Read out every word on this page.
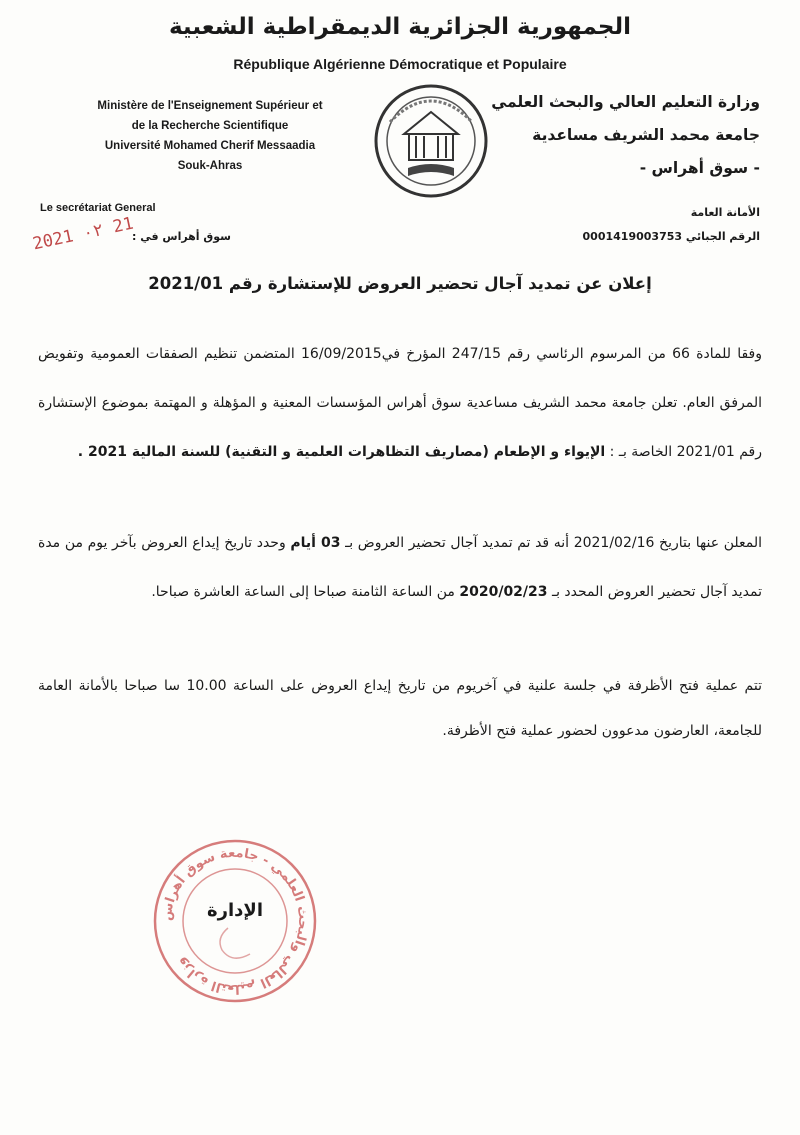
الجمهورية الجزائرية الديمقراطية الشعبية
République Algérienne Démocratique et Populaire
Ministère de l'Enseignement Supérieur et
de la Recherche Scientifique
Université Mohamed Cherif Messaadia
Souk-Ahras
وزارة التعليم العالي والبحث العلمي
جامعة محمد الشريف مساعدية
- سوق أهراس -
Le secrétariat General	الأمانة العامة
الرقم الجبائي 0001419003753
سوق أهراس في :
2021 ٠٢ 21
إعلان عن تمديد آجال تحضير العروض للإستشارة رقم 2021/01
وفقا للمادة 66 من المرسوم الرئاسي رقم 247/15 المؤرخ في16/09/2015 المتضمن تنظيم الصفقات العمومية وتفويض المرفق العام. تعلن جامعة محمد الشريف مساعدية سوق أهراس المؤسسات المعنية و المؤهلة و المهتمة بموضوع الإستشارة رقم 2021/01 الخاصة بـ : الإيواء و الإطعام (مصاريف التظاهرات العلمية و التقنية) للسنة المالية 2021 .
المعلن عنها بتاريخ 2021/02/16 أنه قد تم تمديد آجال تحضير العروض بـ 03 أيام وحدد تاريخ إيداع العروض بآخر يوم من مدة تمديد آجال تحضير العروض المحدد بـ 2020/02/23 من الساعة الثامنة صباحا إلى الساعة العاشرة صباحا.
تتم عملية فتح الأظرفة في جلسة علنية في آخريوم من تاريخ إيداع العروض على الساعة 10.00 سا صباحا بالأمانة العامة للجامعة، العارضون مدعوون لحضور عملية فتح الأظرفة.
وزارة التعليم العالي والبحث العلمي - جامعة سوق أهراس
الإدارة
